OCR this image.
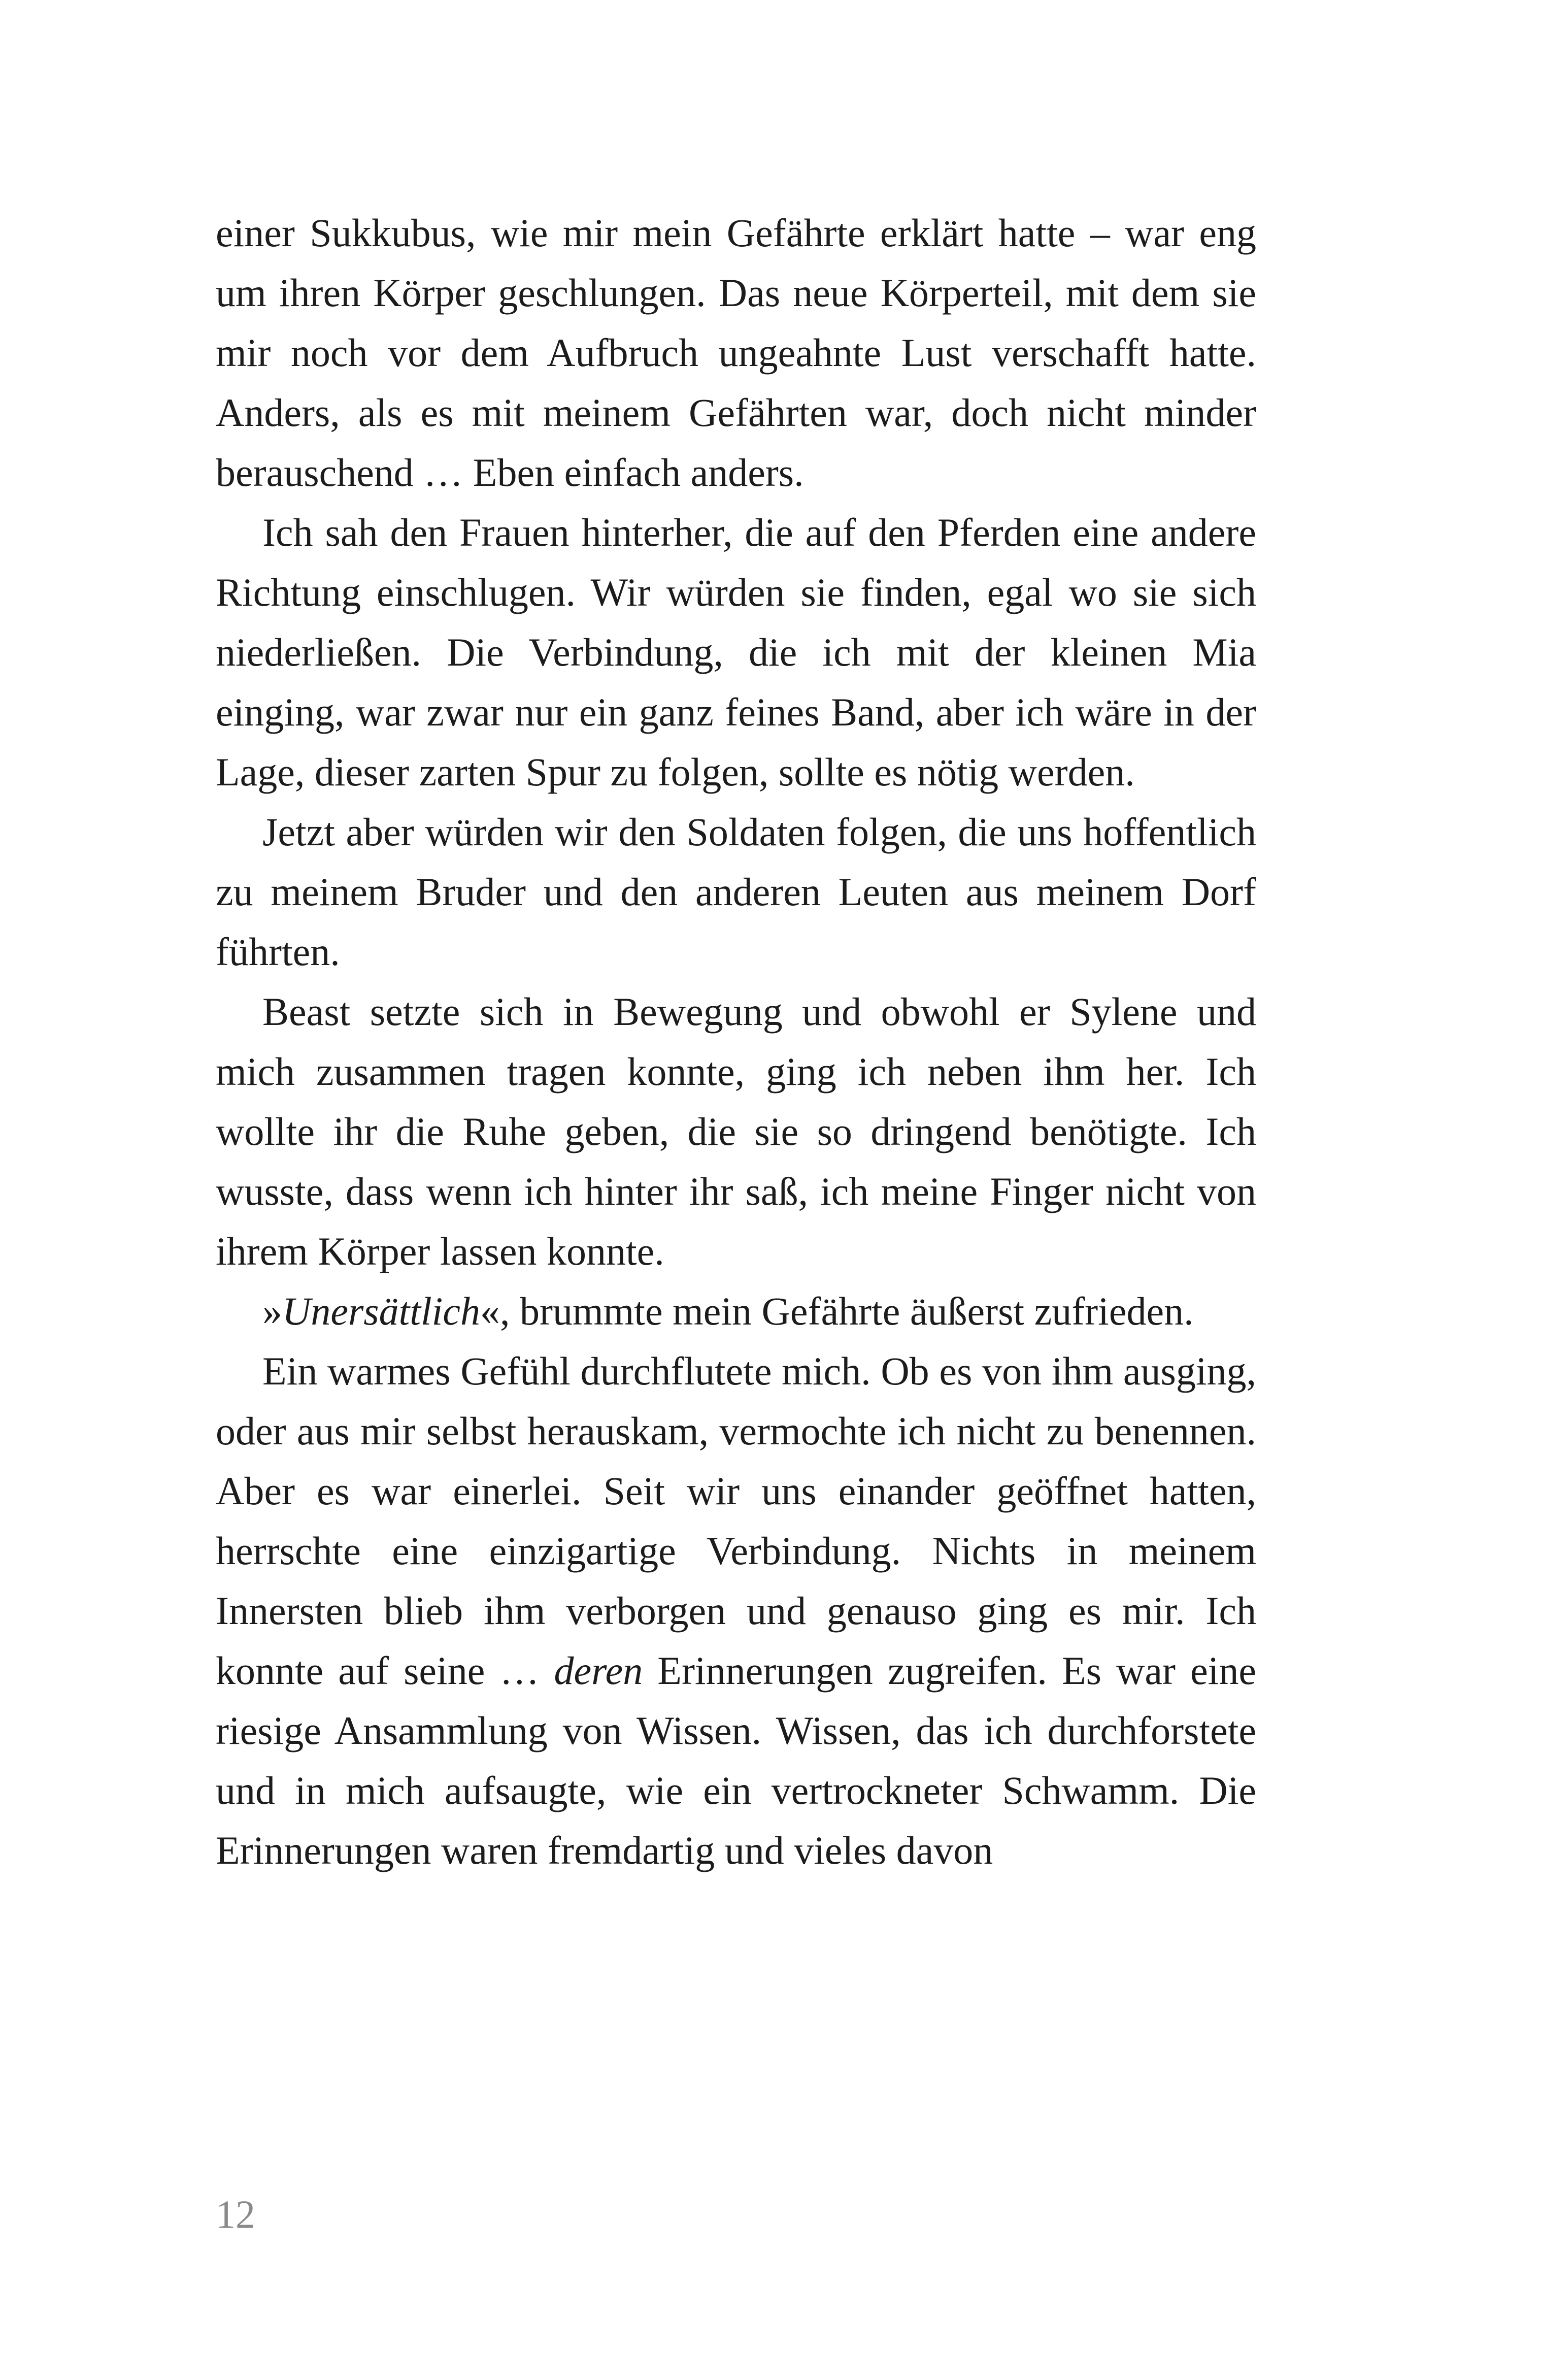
einer Sukkubus, wie mir mein Gefährte erklärt hatte – war eng um ihren Körper geschlungen. Das neue Körperteil, mit dem sie mir noch vor dem Aufbruch ungeahnte Lust verschafft hatte. Anders, als es mit meinem Gefährten war, doch nicht minder berauschend … Eben einfach anders.

Ich sah den Frauen hinterher, die auf den Pferden eine andere Richtung einschlugen. Wir würden sie finden, egal wo sie sich niederließen. Die Verbindung, die ich mit der kleinen Mia einging, war zwar nur ein ganz feines Band, aber ich wäre in der Lage, dieser zarten Spur zu folgen, sollte es nötig werden.

Jetzt aber würden wir den Soldaten folgen, die uns hoffentlich zu meinem Bruder und den anderen Leuten aus meinem Dorf führten.

Beast setzte sich in Bewegung und obwohl er Sylene und mich zusammen tragen konnte, ging ich neben ihm her. Ich wollte ihr die Ruhe geben, die sie so dringend benötigte. Ich wusste, dass wenn ich hinter ihr saß, ich meine Finger nicht von ihrem Körper lassen konnte.

»Unersättlich«, brummte mein Gefährte äußerst zufrieden.

Ein warmes Gefühl durchflutete mich. Ob es von ihm ausging, oder aus mir selbst herauskam, vermochte ich nicht zu benennen. Aber es war einerlei. Seit wir uns einander geöffnet hatten, herrschte eine einzigartige Verbindung. Nichts in meinem Innersten blieb ihm verborgen und genauso ging es mir. Ich konnte auf seine … deren Erinnerungen zugreifen. Es war eine riesige Ansammlung von Wissen. Wissen, das ich durchforstete und in mich aufsaugte, wie ein vertrockneter Schwamm. Die Erinnerungen waren fremdartig und vieles davon

12
